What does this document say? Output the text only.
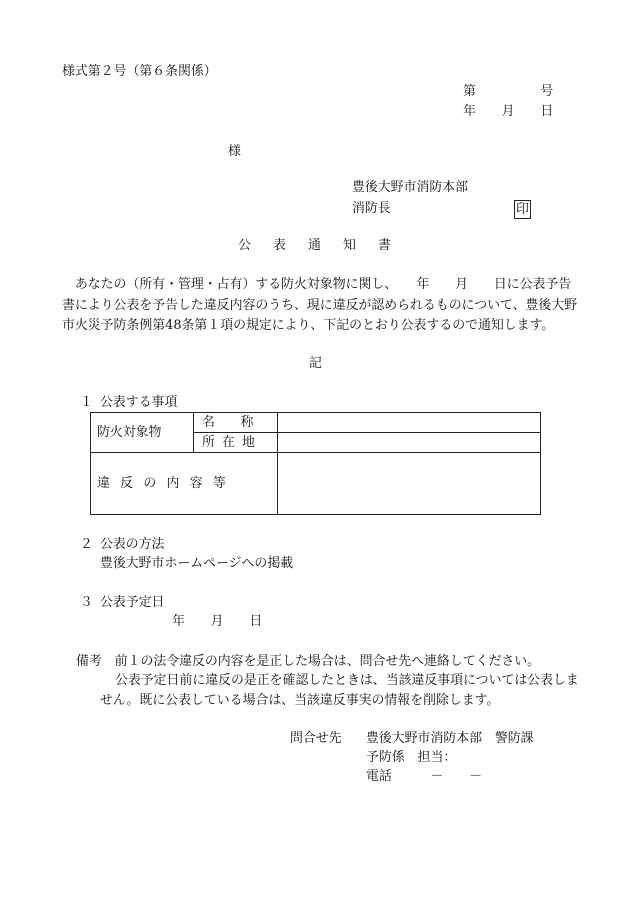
様式第２号（第６条関係）
第　　　　　号
年　　月　　日
様
豊後大野市消防本部
消防長	印
公　表　通　知　書
　あなたの（所有・管理・占有）する防火対象物に関し、　　年　　月　　日に公表予告
書により公表を予告した違反内容のうち、現に違反が認められるものについて、豊後大野
市火災予防条例第48条第１項の規定により、下記のとおり公表するので通知します。
記
１ 公表する事項
防火対象物	名　　称	
	所　在　地	
違　反　の　内　容　等		
２ 公表の方法
豊後大野市ホームページへの掲載
３ 公表予定日
年　　月　　日
備考　前１の法令違反の内容を是正した場合は、問合せ先へ連絡してください。
公表予定日前に違反の是正を確認したときは、当該違反事項については公表しま
せん。既に公表している場合は、当該違反事実の情報を削除します。
問合せ先 豊後大野市消防本部　警防課
予防係　担当：
電話　　　－　　－
